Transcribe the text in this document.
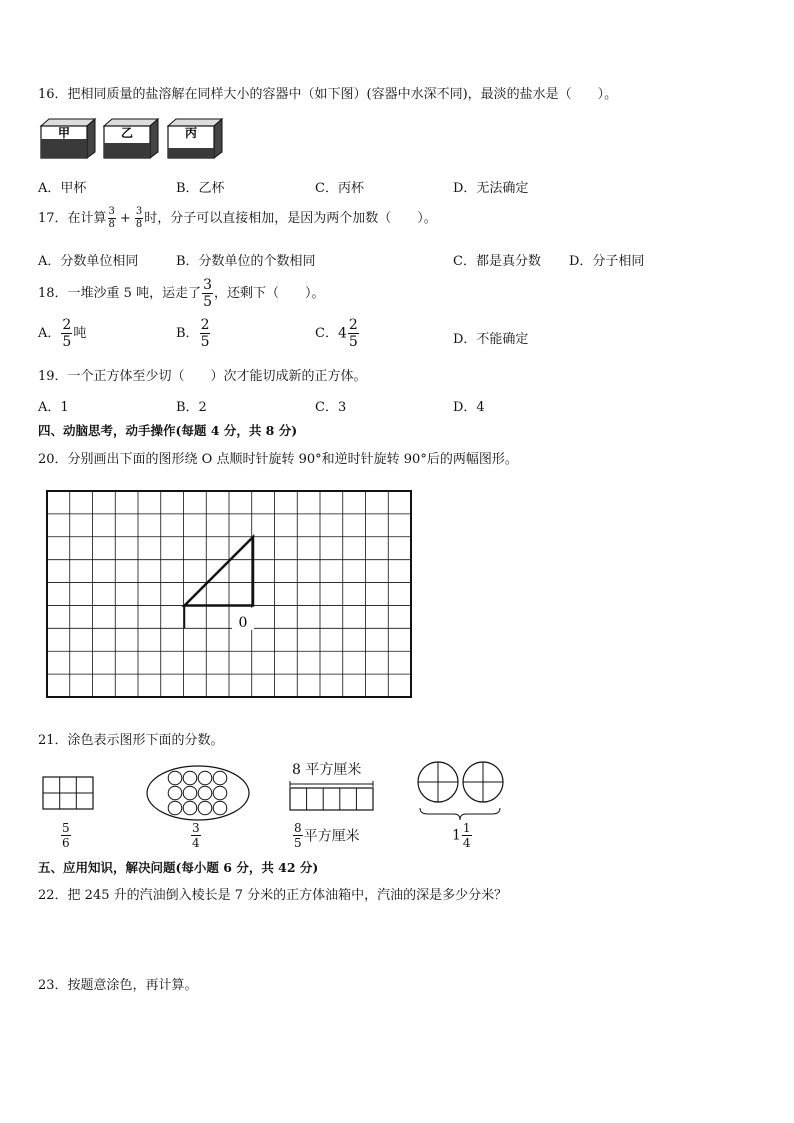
16．把相同质量的盐溶解在同样大小的容器中（如下图）(容器中水深不同)，最淡的盐水是（　　）。
甲	乙	丙
A．甲杯	B．乙杯	C．丙杯	D．无法确定
17．在计算 $\frac{3}{8} + \frac{3}{8}$ 时，分子可以直接相加，是因为两个加数（　　）。
A．分数单位相同	B．分数单位的个数相同	C．都是真分数 D．分子相同
18．一堆沙重 5 吨，运走了 $\frac{3}{5}$ ，还剩下（　　）。
A． $\frac{2}{5}$ 吨	B． $\frac{2}{5}$	C．$4 \frac{2}{5}$	D．不能确定
19．一个正方体至少切（　　）次才能切成新的正方体。
A．1	B．2	C．3	D．4
四、动脑思考，动手操作(每题 4 分，共 8 分)
20．分别画出下面的图形绕 O 点顺时针旋转 90°和逆时针旋转 90°后的两幅图形。
0
21．涂色表示图形下面的分数。
$\frac{5}{6}$	$\frac{3}{4}$
8 平方厘米
$\frac{8}{5}$ 平方厘米	$1 \frac{1}{4}$
五、应用知识，解决问题(每小题 6 分，共 42 分)
22．把 245 升的汽油倒入棱长是 7 分米的正方体油箱中，汽油的深是多少分米？
23．按题意涂色，再计算。
